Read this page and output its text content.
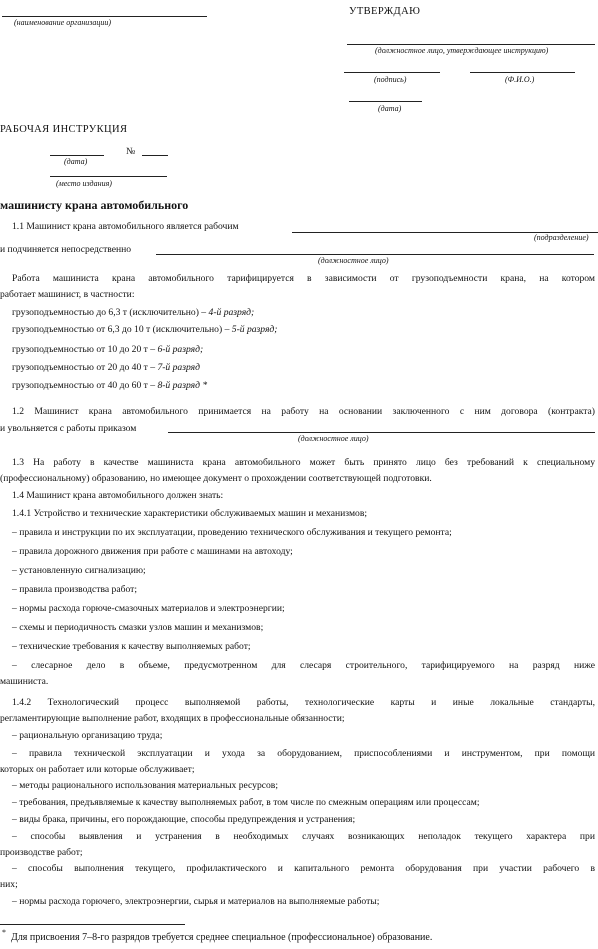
(наименование организации)
УТВЕРЖДАЮ
(должностное лицо, утверждающее инструкцию)
(подпись)	(Ф.И.О.)
(дата)
РАБОЧАЯ ИНСТРУКЦИЯ
№
(дата)
(место издания)
машинисту крана автомобильного
1.1 Машинист крана автомобильного является рабочим
(подразделение)
и подчиняется непосредственно
(должностное лицо)
Работа машиниста крана автомобильного тарифицируется в зависимости от грузоподъемности крана, на котором
работает машинист, в частности:
грузоподъемностью до 6,3 т (исключительно) – 4-й разряд;
грузоподъемностью от 6,3 до 10 т (исключительно) – 5-й разряд;
грузоподъемностью от 10 до 20 т – 6-й разряд;
грузоподъемностью от 20 до 40 т – 7-й разряд
грузоподъемностью от 40 до 60 т – 8-й разряд *
1.2 Машинист крана автомобильного принимается на работу на основании заключенного с ним договора (контракта)
и увольняется с работы приказом
(должностное лицо)
1.3 На работу в качестве машиниста крана автомобильного может быть принято лицо без требований к специальному
(профессиональному) образованию, но имеющее документ о прохождении соответствующей подготовки.
1.4 Машинист крана автомобильного должен знать:
1.4.1 Устройство и технические характеристики обслуживаемых машин и механизмов;
– правила и инструкции по их эксплуатации, проведению технического обслуживания и текущего ремонта;
– правила дорожного движения при работе с машинами на автоходу;
– установленную сигнализацию;
– правила производства работ;
– нормы расхода горюче-смазочных материалов и электроэнергии;
– схемы и периодичность смазки узлов машин и механизмов;
– технические требования к качеству выполняемых работ;
– слесарное дело в объеме, предусмотренном для слесаря строительного, тарифицируемого на разряд ниже
машиниста.
1.4.2 Технологический процесс выполняемой работы, технологические карты и иные локальные стандарты,
регламентирующие выполнение работ, входящих в профессиональные обязанности;
– рациональную организацию труда;
– правила технической эксплуатации и ухода за оборудованием, приспособлениями и инструментом, при помощи
которых он работает или которые обслуживает;
– методы рационального использования материальных ресурсов;
– требования, предъявляемые к качеству выполняемых работ, в том числе по смежным операциям или процессам;
– виды брака, причины, его порождающие, способы предупреждения и устранения;
– способы выявления и устранения в необходимых случаях возникающих неполадок текущего характера при
производстве работ;
– способы выполнения текущего, профилактического и капитального ремонта оборудования при участии рабочего в
них;
– нормы расхода горючего, электроэнергии, сырья и материалов на выполняемые работы;
* Для присвоения 7–8-го разрядов требуется среднее специальное (профессиональное) образование.
